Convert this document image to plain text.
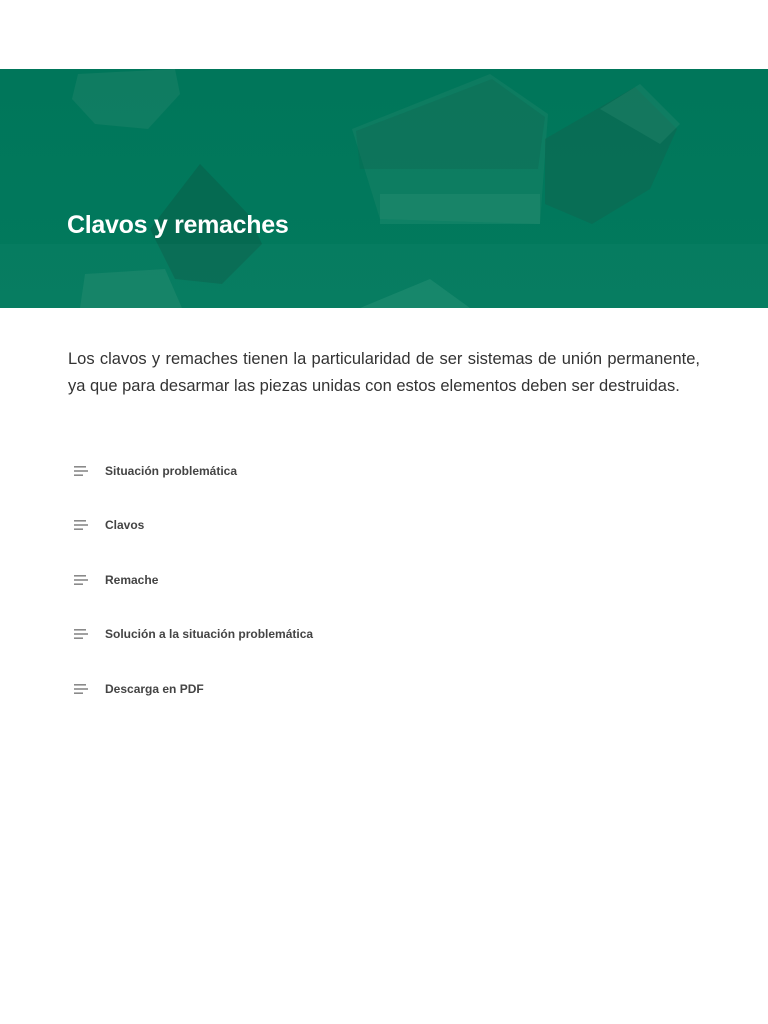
Clavos y remaches

Los clavos y remaches tienen la particularidad de ser sistemas de unión permanente, ya que para desarmar las piezas unidas con estos elementos deben ser destruidas.

Situación problemática
Clavos
Remache
Solución a la situación problemática
Descarga en PDF
